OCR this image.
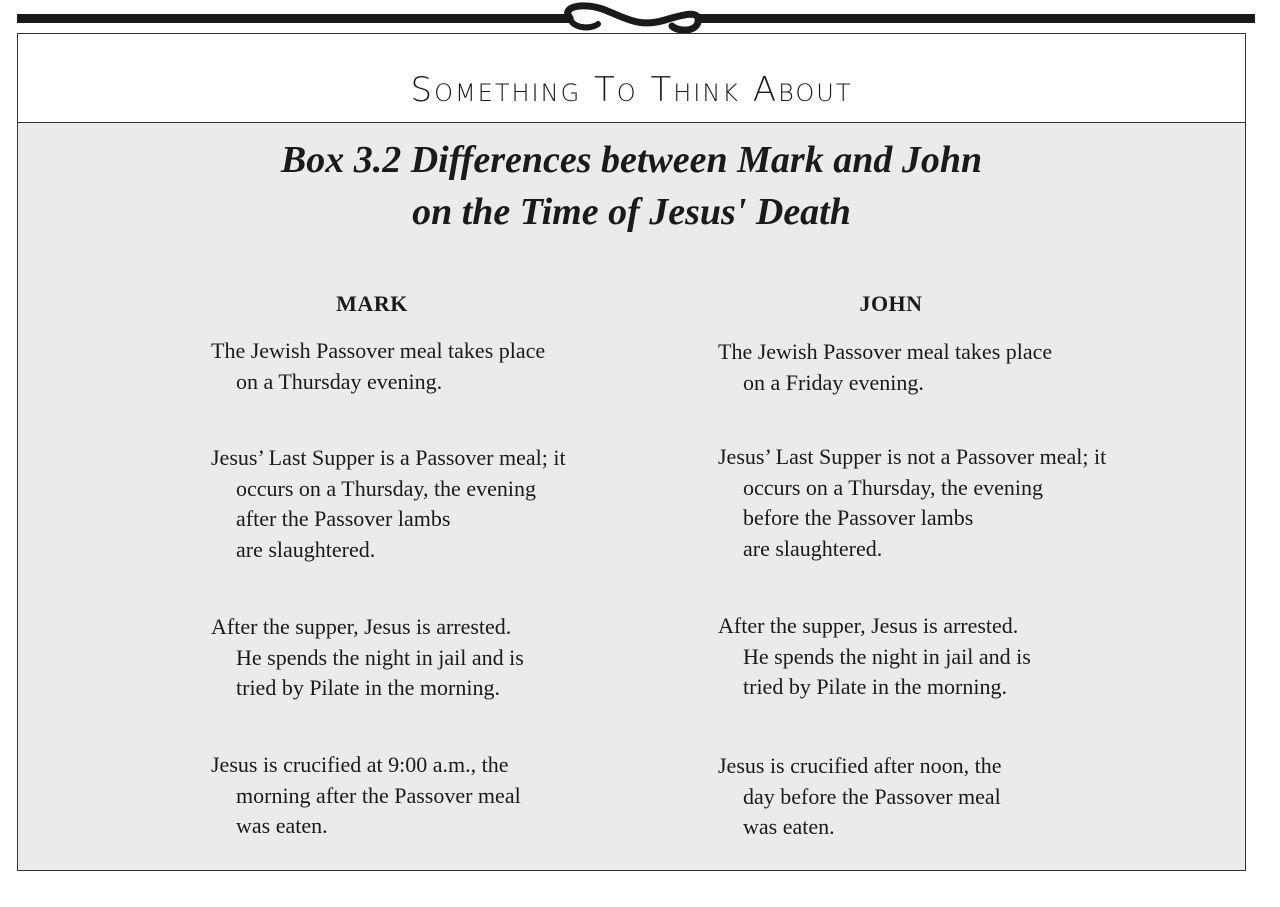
Something To Think About
Box 3.2 Differences between Mark and John
on the Time of Jesus' Death
MARK	JOHN
The Jewish Passover meal takes place
on a Thursday evening.
Jesus’ Last Supper is a Passover meal; it
occurs on a Thursday, the evening
after the Passover lambs
are slaughtered.
After the supper, Jesus is arrested.
He spends the night in jail and is
tried by Pilate in the morning.
Jesus is crucified at 9:00 a.m., the
morning after the Passover meal
was eaten.
The Jewish Passover meal takes place
on a Friday evening.
Jesus’ Last Supper is not a Passover meal; it
occurs on a Thursday, the evening
before the Passover lambs
are slaughtered.
After the supper, Jesus is arrested.
He spends the night in jail and is
tried by Pilate in the morning.
Jesus is crucified after noon, the
day before the Passover meal
was eaten.
